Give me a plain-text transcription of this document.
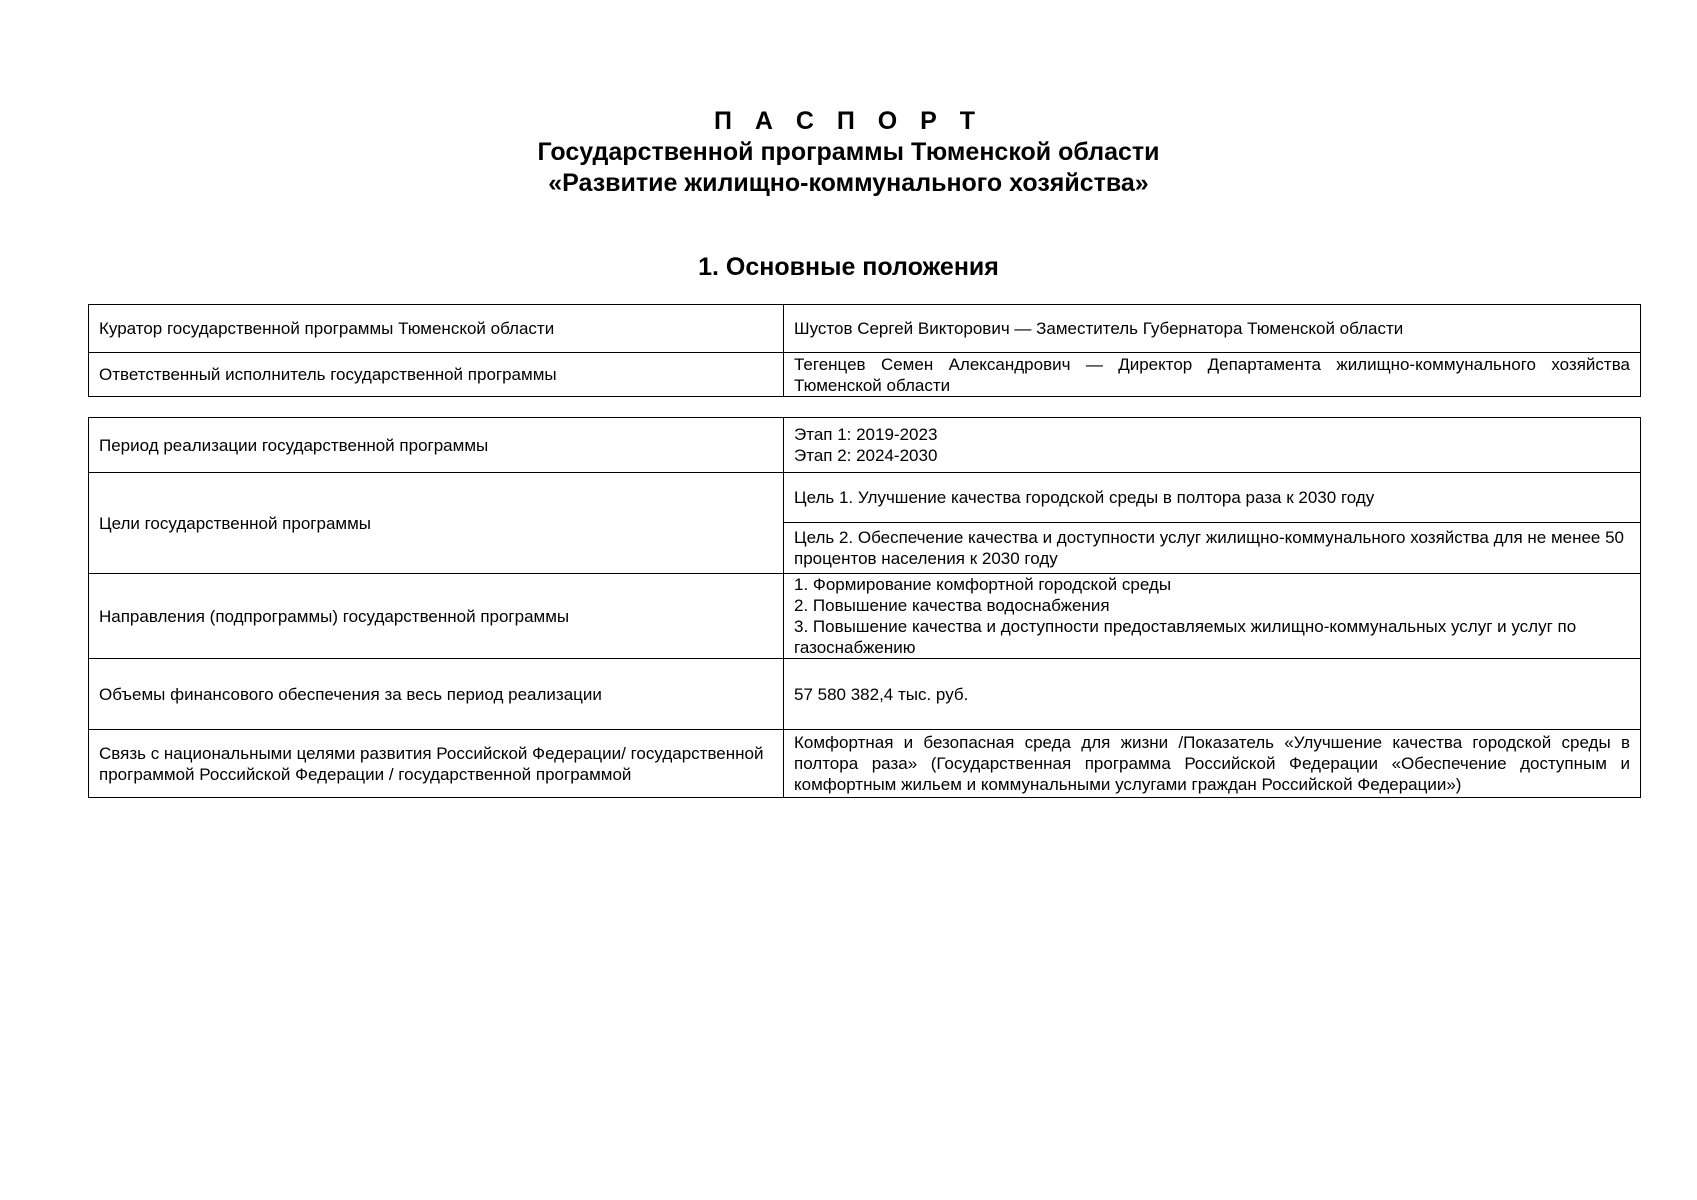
П А С П О Р Т
Государственной программы Тюменской области
«Развитие жилищно-коммунального хозяйства»
1. Основные положения
Куратор государственной программы Тюменской области	Шустов Сергей Викторович — Заместитель Губернатора Тюменской области
Ответственный исполнитель государственной программы	Тегенцев Семен Александрович — Директор Департамента жилищно-коммунального хозяйства Тюменской области
Период реализации государственной программы	Этап 1: 2019-2023
Этап 2: 2024-2030

Цели государственной программы	Цель 1. Улучшение качества городской среды в полтора раза к 2030 году
	Цель 2. Обеспечение качества и доступности услуг жилищно-коммунального хозяйства для не менее 50 процентов населения к 2030 году
Направления (подпрограммы) государственной программы	1. Формирование комфортной городской среды
2. Повышение качества водоснабжения
3. Повышение качества и доступности предоставляемых жилищно-коммунальных услуг и услуг по газоснабжению

Объемы финансового обеспечения за весь период реализации	57 580 382,4 тыс. руб.
Связь с национальными целями развития Российской Федерации/ государственной программой Российской Федерации / государственной программой	Комфортная и безопасная среда для жизни /Показатель «Улучшение качества городской среды в полтора раза» (Государственная программа Российской Федерации «Обеспечение доступным и комфортным жильем и коммунальными услугами граждан Российской Федерации»)
